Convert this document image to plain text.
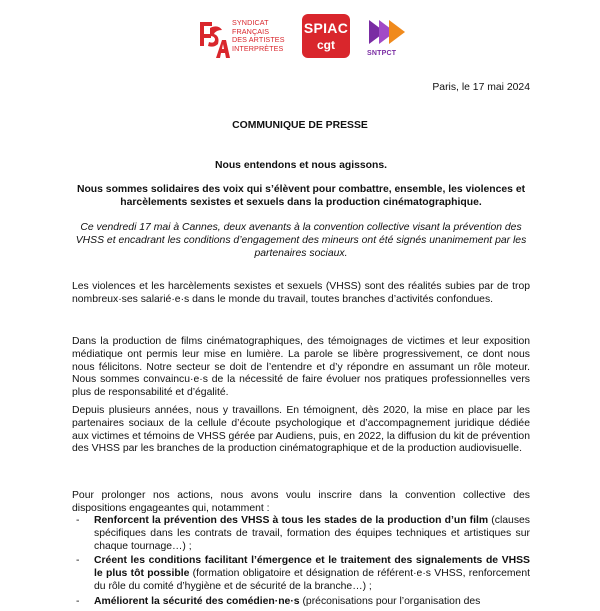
SYNDICAT
FRANÇAIS
DES ARTISTES
INTERPRÈTES
SPIAC
cgt
SNTPCT
Paris, le 17 mai 2024
COMMUNIQUE DE PRESSE
Nous entendons et nous agissons.
Nous sommes solidaires des voix qui s’élèvent pour combattre, ensemble, les violences et harcèlements sexistes et sexuels dans la production cinématographique.
Ce vendredi 17 mai à Cannes, deux avenants à la convention collective visant la prévention des VHSS et encadrant les conditions d’engagement des mineurs ont été signés unanimement par les partenaires sociaux.
Les violences et les harcèlements sexistes et sexuels (VHSS) sont des réalités subies par de trop nombreux·ses salarié·e·s dans le monde du travail, toutes branches d’activités confondues.
Dans la production de films cinématographiques, des témoignages de victimes et leur exposition médiatique ont permis leur mise en lumière. La parole se libère progressivement, ce dont nous nous félicitons. Notre secteur se doit de l’entendre et d’y répondre en assumant un rôle moteur. Nous sommes convaincu·e·s de la nécessité de faire évoluer nos pratiques professionnelles vers plus de responsabilité et d’égalité.
Depuis plusieurs années, nous y travaillons. En témoignent, dès 2020, la mise en place par les partenaires sociaux de la cellule d’écoute psychologique et d’accompagnement juridique dédiée aux victimes et témoins de VHSS gérée par Audiens, puis, en 2022, la diffusion du kit de prévention des VHSS par les branches de la production cinématographique et de la production audiovisuelle.
Pour prolonger nos actions, nous avons voulu inscrire dans la convention collective des dispositions engageantes qui, notamment :
- Renforcent la prévention des VHSS à tous les stades de la production d’un film (clauses spécifiques dans les contrats de travail, formation des équipes techniques et artistiques sur chaque tournage…) ;
- Créent les conditions facilitant l’émergence et le traitement des signalements de VHSS le plus tôt possible (formation obligatoire et désignation de référent·e·s VHSS, renforcement du rôle du comité d’hygiène et de sécurité de la branche…) ;
- Améliorent la sécurité des comédien·ne·s (préconisations pour l’organisation des
